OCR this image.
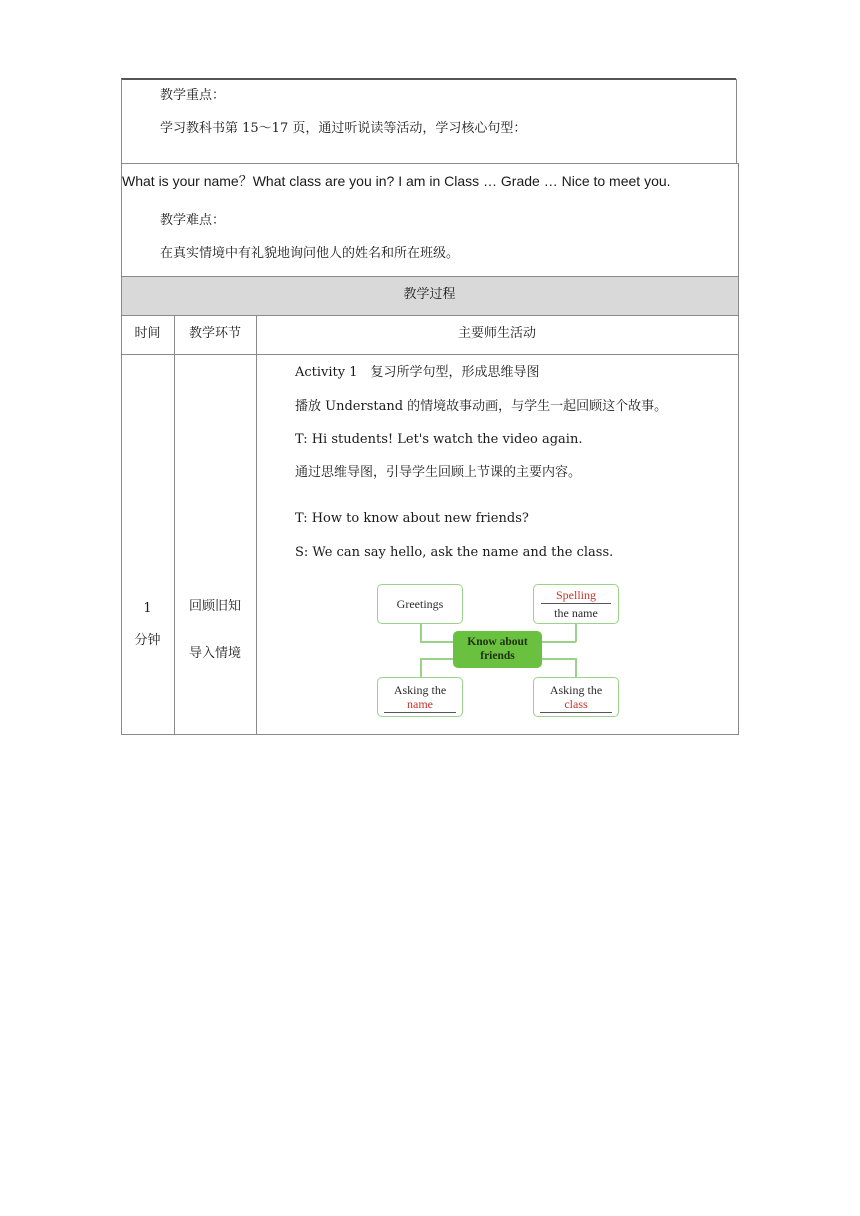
教学重点：
学习教科书第 15～17 页，通过听说读等活动，学习核心句型：
What is your name？What class are you in? I am in Class … Grade … Nice to meet you.
教学难点：
在真实情境中有礼貌地询问他人的姓名和所在班级。
教学过程
时间	教学环节	主要师生活动
1
分钟
回顾旧知
导入情境
Activity 1　复习所学句型，形成思维导图
播放 Understand 的情境故事动画，与学生一起回顾这个故事。
T: Hi students! Let's watch the video again.
通过思维导图，引导学生回顾上节课的主要内容。
T: How to know about new friends?
S: We can say hello, ask the name and the class.
Greetings
Spelling
the name
Know about
friends
Asking the
name
Asking the
class
